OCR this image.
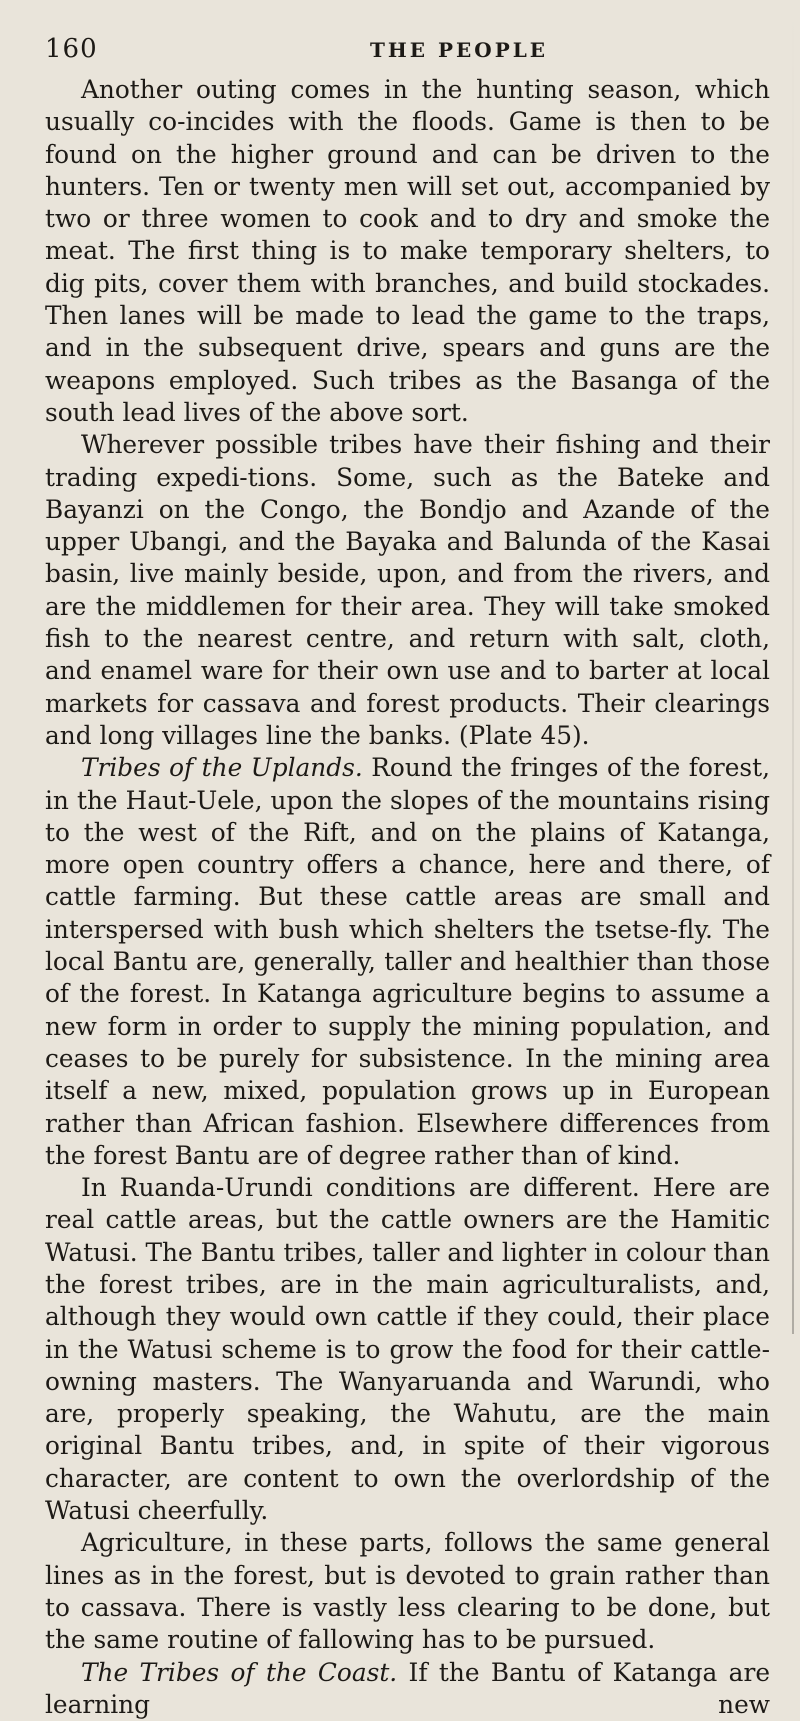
160	THE PEOPLE

Another outing comes in the hunting season, which usually co-incides with the floods. Game is then to be found on the higher ground and can be driven to the hunters. Ten or twenty men will set out, accompanied by two or three women to cook and to dry and smoke the meat. The first thing is to make temporary shelters, to dig pits, cover them with branches, and build stockades. Then lanes will be made to lead the game to the traps, and in the subsequent drive, spears and guns are the weapons employed. Such tribes as the Basanga of the south lead lives of the above sort.

Wherever possible tribes have their fishing and their trading expedi-tions. Some, such as the Bateke and Bayanzi on the Congo, the Bondjo and Azande of the upper Ubangi, and the Bayaka and Balunda of the Kasai basin, live mainly beside, upon, and from the rivers, and are the middlemen for their area. They will take smoked fish to the nearest centre, and return with salt, cloth, and enamel ware for their own use and to barter at local markets for cassava and forest products. Their clearings and long villages line the banks. (Plate 45).

Tribes of the Uplands. Round the fringes of the forest, in the Haut-Uele, upon the slopes of the mountains rising to the west of the Rift, and on the plains of Katanga, more open country offers a chance, here and there, of cattle farming. But these cattle areas are small and interspersed with bush which shelters the tsetse-fly. The local Bantu are, generally, taller and healthier than those of the forest. In Katanga agriculture begins to assume a new form in order to supply the mining population, and ceases to be purely for subsistence. In the mining area itself a new, mixed, population grows up in European rather than African fashion. Elsewhere differences from the forest Bantu are of degree rather than of kind.

In Ruanda-Urundi conditions are different. Here are real cattle areas, but the cattle owners are the Hamitic Watusi. The Bantu tribes, taller and lighter in colour than the forest tribes, are in the main agriculturalists, and, although they would own cattle if they could, their place in the Watusi scheme is to grow the food for their cattle-owning masters. The Wanyaruanda and Warundi, who are, properly speaking, the Wahutu, are the main original Bantu tribes, and, in spite of their vigorous character, are content to own the overlordship of the Watusi cheerfully.

Agriculture, in these parts, follows the same general lines as in the forest, but is devoted to grain rather than to cassava. There is vastly less clearing to be done, but the same routine of fallowing has to be pursued.

The Tribes of the Coast. If the Bantu of Katanga are learning new
